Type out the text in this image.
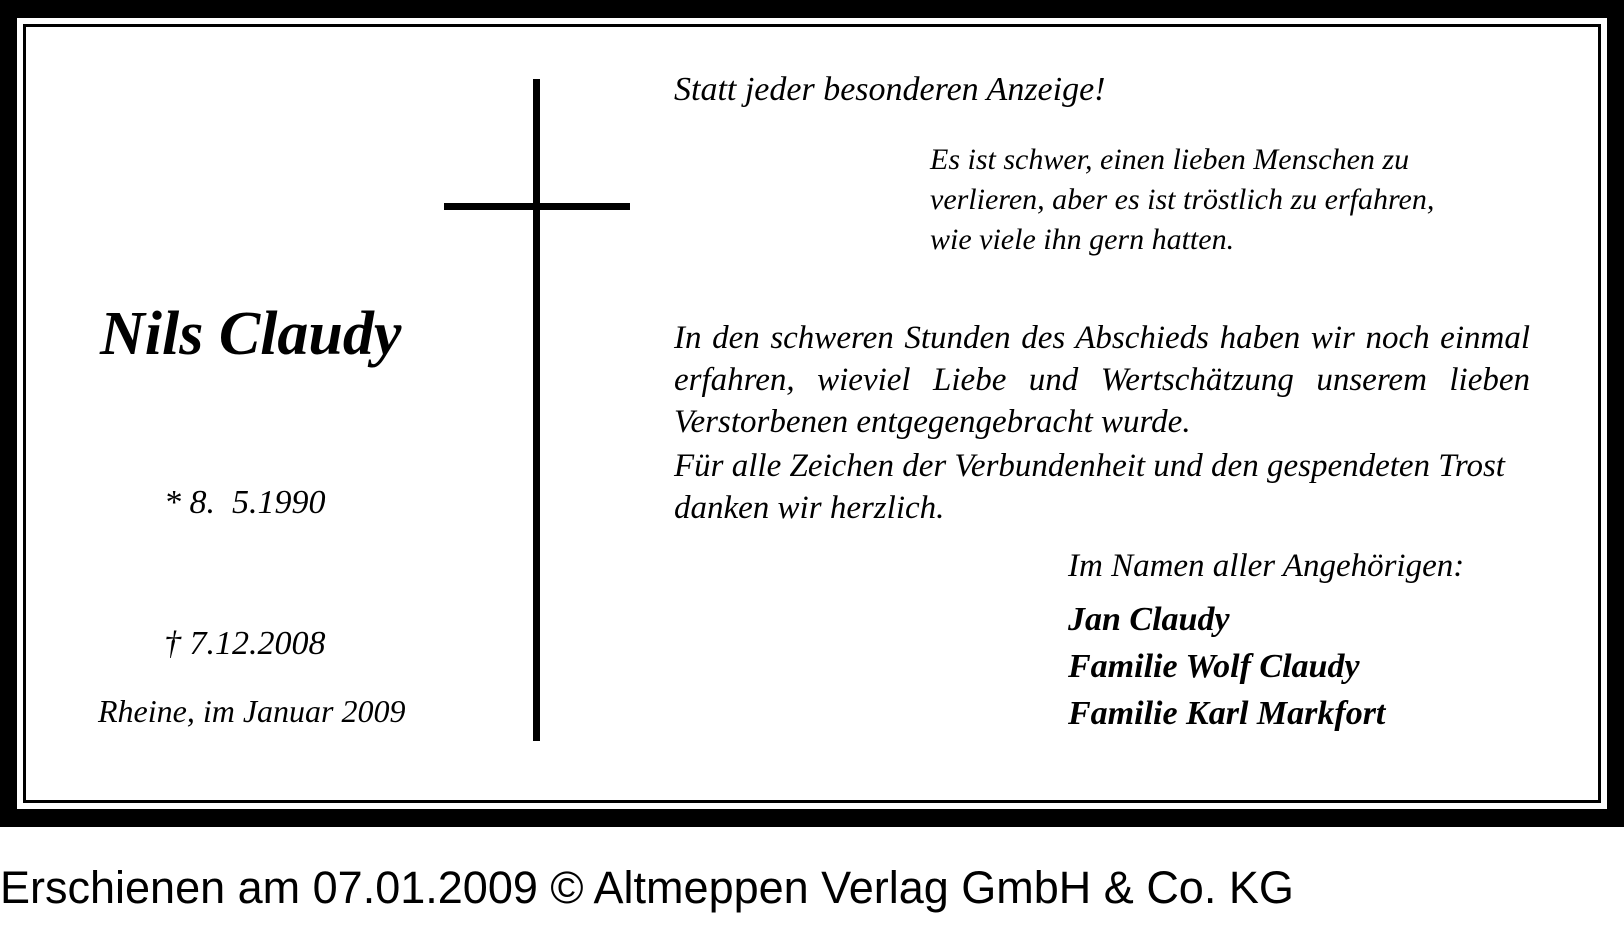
Statt jeder besonderen Anzeige!
Es ist schwer, einen lieben Menschen zu
verlieren, aber es ist tröstlich zu erfahren,
wie viele ihn gern hatten.
In den schweren Stunden des Abschieds haben wir noch einmal erfahren, wieviel Liebe und Wertschätzung unserem lieben Verstorbenen entgegengebracht wurde.
Für alle Zeichen der Verbundenheit und den gespendeten Trost danken wir herzlich.
Nils Claudy

* 8.  5.1990

† 7.12.2008

Rheine, im Januar 2009
Im Namen aller Angehörigen:
Jan Claudy
Familie Wolf Claudy
Familie Karl Markfort
Erschienen am 07.01.2009 © Altmeppen Verlag GmbH & Co. KG
